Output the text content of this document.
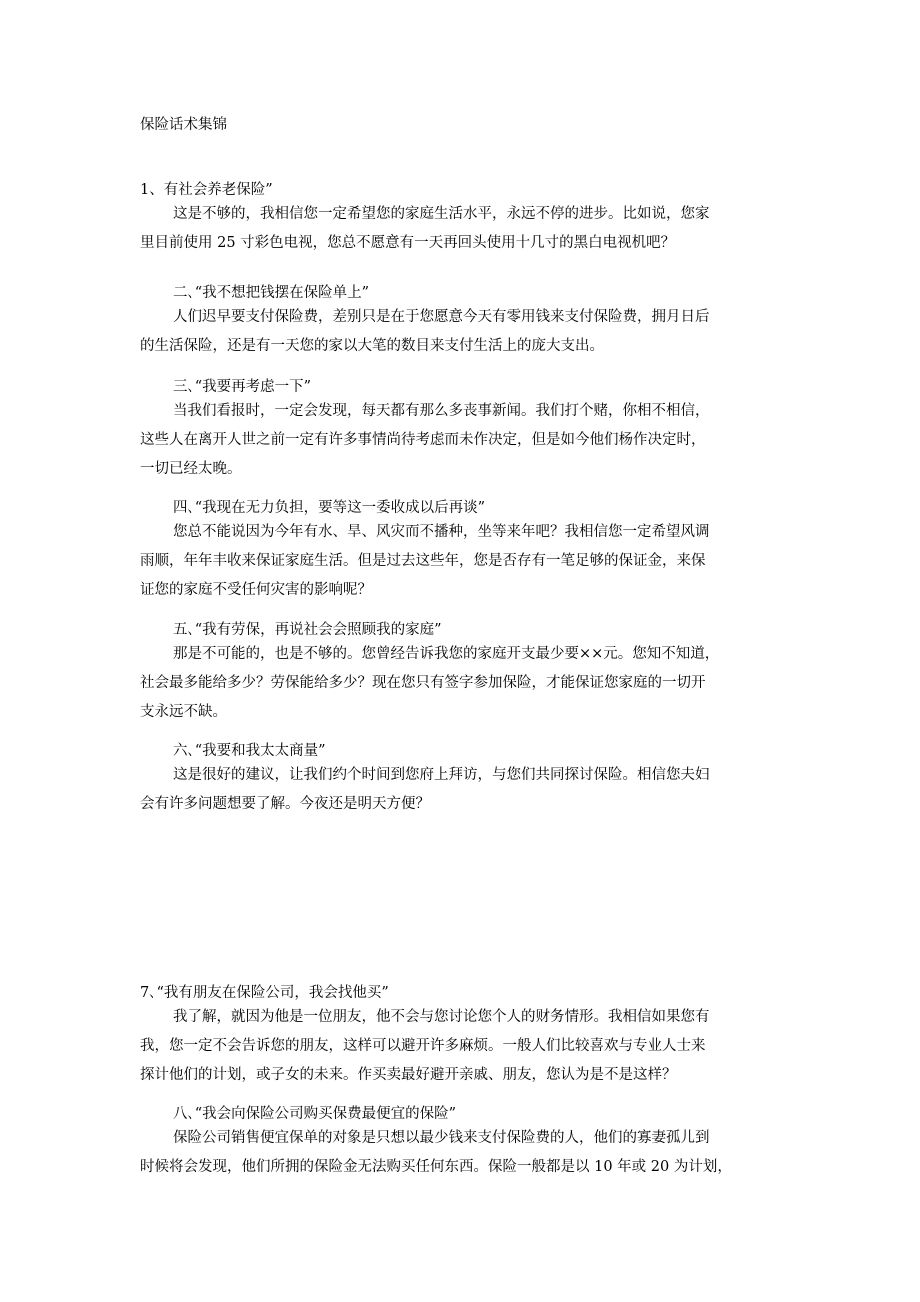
保险话术集锦
1、有社会养老保险”
这是不够的，我相信您一定希望您的家庭生活水平，永远不停的进步。比如说，您家
里目前使用 25 寸彩色电视，您总不愿意有一天再回头使用十几寸的黑白电视机吧？
二､“我不想把钱摆在保险单上”
人们迟早要支付保险费，差别只是在于您愿意今天有零用钱来支付保险费，拥月日后
的生活保险，还是有一天您的家以大笔的数目来支付生活上的庞大支出。
三､“我要再考虑一下”
当我们看报时，一定会发现，每天都有那么多丧事新闻。我们打个赌，你相不相信，
这些人在离开人世之前一定有许多事情尚待考虑而未作决定，但是如今他们杨作决定时，
一切已经太晚。
四､“我现在无力负担，要等这一委收成以后再谈”
您总不能说因为今年有水、旱、风灾而不播种，坐等来年吧？我相信您一定希望风调
雨顺，年年丰收来保证家庭生活。但是过去这些年，您是否存有一笔足够的保证金，来保
证您的家庭不受任何灾害的影响呢？
五､“我有劳保，再说社会会照顾我的家庭”
那是不可能的，也是不够的。您曾经告诉我您的家庭开支最少要××元。您知不知道，
社会最多能给多少？劳保能给多少？现在您只有签字参加保险，才能保证您家庭的一切开
支永远不缺。
六､“我要和我太太商量”
这是很好的建议，让我们约个时间到您府上拜访，与您们共同探讨保险。相信您夫妇
会有许多问题想要了解。今夜还是明天方便？
7､“我有朋友在保险公司，我会找他买”
我了解，就因为他是一位朋友，他不会与您讨论您个人的财务情形。我相信如果您有
我，您一定不会告诉您的朋友，这样可以避开许多麻烦。一般人们比较喜欢与专业人士来
探计他们的计划，或子女的未来。作买卖最好避开亲戚、朋友，您认为是不是这样？
八､“我会向保险公司购买保费最便宜的保险”
保险公司销售便宜保单的对象是只想以最少钱来支付保险费的人，他们的寡妻孤儿到
时候将会发现，他们所拥的保险金无法购买任何东西。保险一般都是以 10 年或 20 为计划，
